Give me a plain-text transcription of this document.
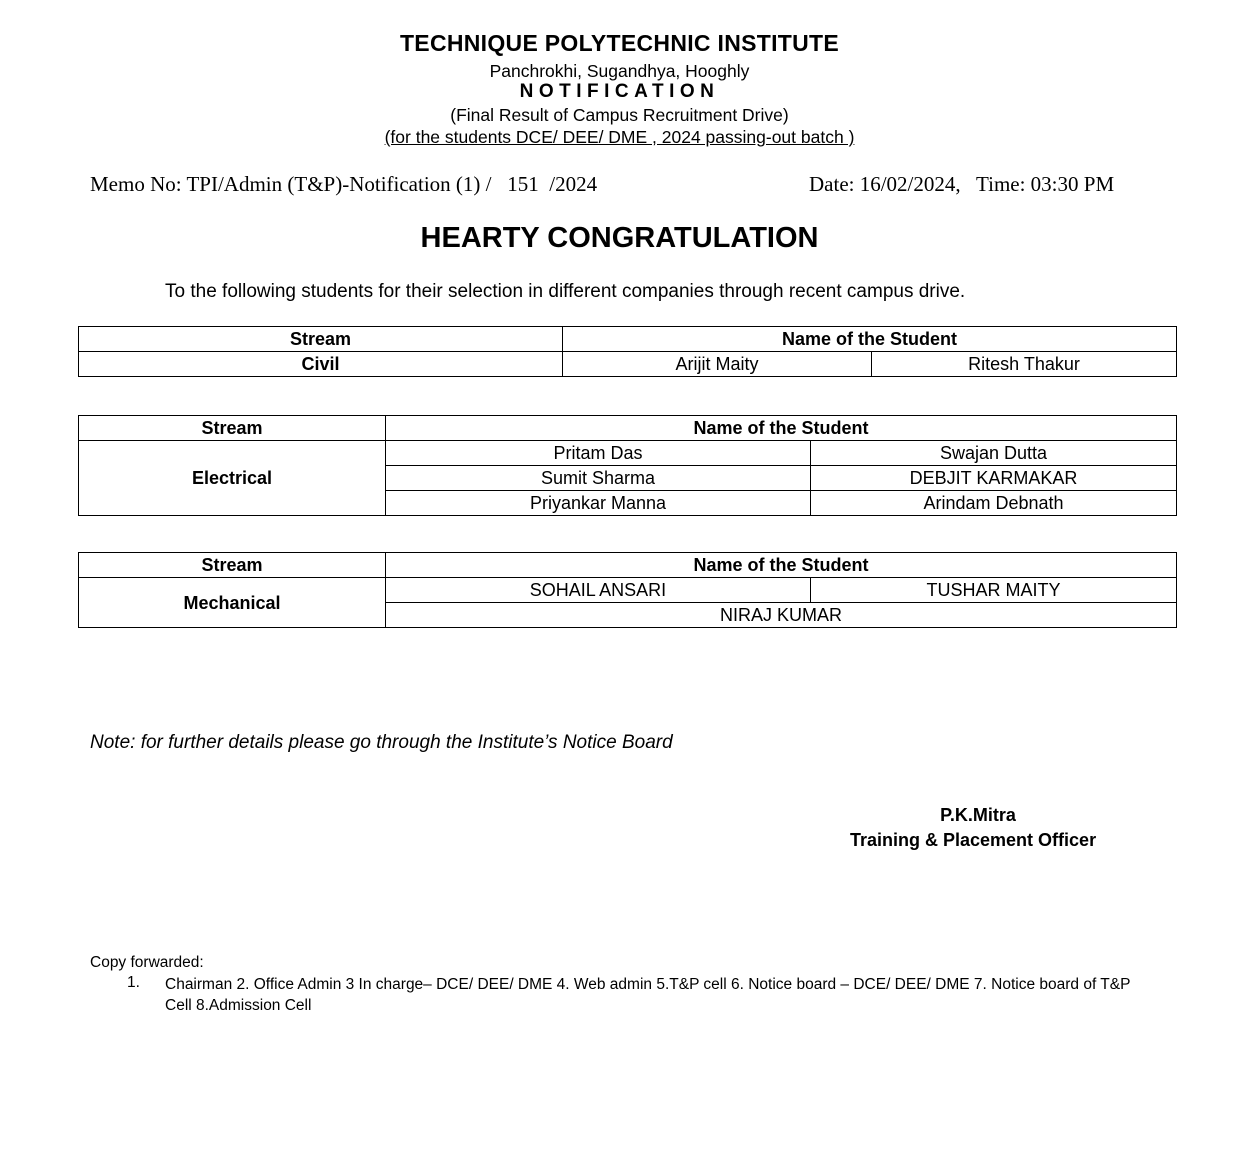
TECHNIQUE POLYTECHNIC INSTITUTE
Panchrokhi, Sugandhya, Hooghly
NOTIFICATION
(Final Result of Campus Recruitment Drive)
(for the students DCE/ DEE/ DME , 2024 passing-out batch )
Memo No: TPI/Admin (T&P)-Notification (1) /   151  /2024	Date: 16/02/2024,   Time: 03:30 PM
HEARTY CONGRATULATION
To the following students for their selection in different companies through recent campus drive.
Stream	Name of the Student	
Civil	Arijit Maity	Ritesh Thakur
Stream	Name of the Student	
Electrical	Pritam Das	Swajan Dutta
	Sumit Sharma	DEBJIT KARMAKAR
	Priyankar Manna	Arindam Debnath
Stream	Name of the Student	
Mechanical	SOHAIL ANSARI	TUSHAR MAITY
	NIRAJ KUMAR	
Note: for further details please go through the Institute’s Notice Board
P.K.Mitra
Training & Placement Officer
Copy forwarded:
1. Chairman 2. Office Admin 3 In charge– DCE/ DEE/ DME 4. Web admin 5.T&P cell 6. Notice board – DCE/ DEE/ DME 7. Notice board of T&P Cell 8.Admission Cell
